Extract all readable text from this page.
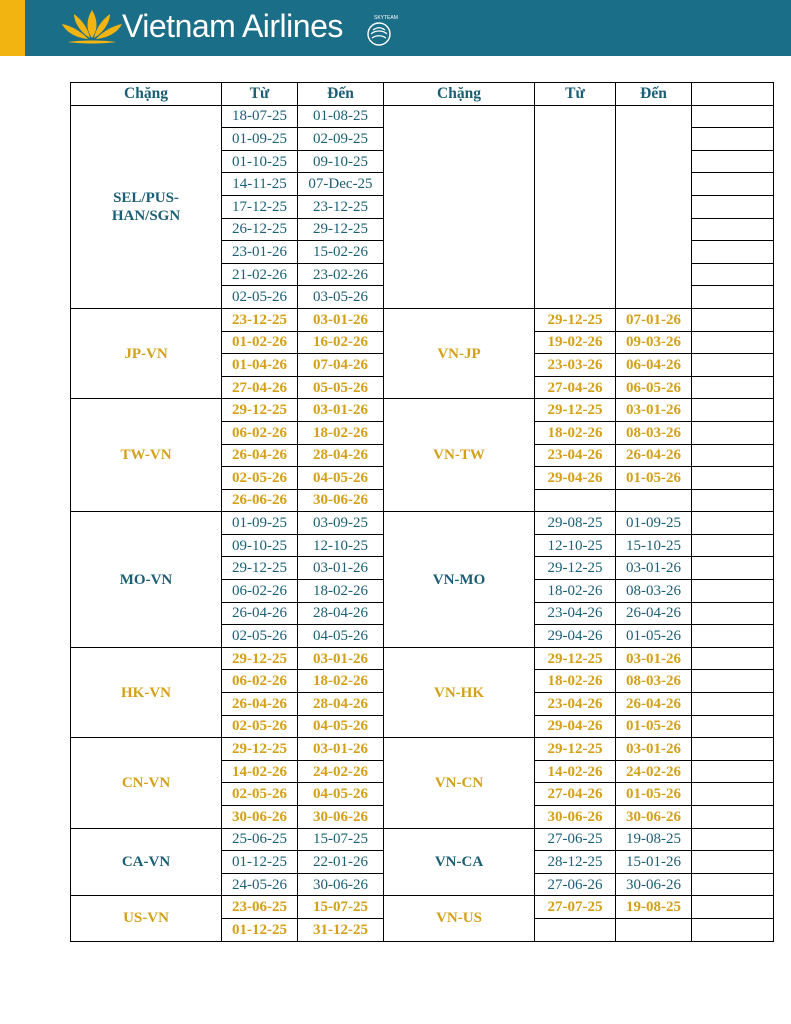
Vietnam Airlines	SKYTEAM
Chặng	Từ	Đến	Chặng	Từ	Đến	
SEL/PUS-HAN/SGN	18-07-25	01-08-25				
	01-09-25	02-09-25				
	01-10-25	09-10-25				
	14-11-25	07-Dec-25				
	17-12-25	23-12-25				
	26-12-25	29-12-25				
	23-01-26	15-02-26				
	21-02-26	23-02-26				
	02-05-26	03-05-26				
JP-VN	23-12-25	03-01-26	VN-JP	29-12-25	07-01-26	
	01-02-26	16-02-26		19-02-26	09-03-26	
	01-04-26	07-04-26		23-03-26	06-04-26	
	27-04-26	05-05-26		27-04-26	06-05-26	
TW-VN	29-12-25	03-01-26	VN-TW	29-12-25	03-01-26	
	06-02-26	18-02-26		18-02-26	08-03-26	
	26-04-26	28-04-26		23-04-26	26-04-26	
	02-05-26	04-05-26		29-04-26	01-05-26	
	26-06-26	30-06-26				
MO-VN	01-09-25	03-09-25	VN-MO	29-08-25	01-09-25	
	09-10-25	12-10-25		12-10-25	15-10-25	
	29-12-25	03-01-26		29-12-25	03-01-26	
	06-02-26	18-02-26		18-02-26	08-03-26	
	26-04-26	28-04-26		23-04-26	26-04-26	
	02-05-26	04-05-26		29-04-26	01-05-26	
HK-VN	29-12-25	03-01-26	VN-HK	29-12-25	03-01-26	
	06-02-26	18-02-26		18-02-26	08-03-26	
	26-04-26	28-04-26		23-04-26	26-04-26	
	02-05-26	04-05-26		29-04-26	01-05-26	
CN-VN	29-12-25	03-01-26	VN-CN	29-12-25	03-01-26	
	14-02-26	24-02-26		14-02-26	24-02-26	
	02-05-26	04-05-26		27-04-26	01-05-26	
	30-06-26	30-06-26		30-06-26	30-06-26	
CA-VN	25-06-25	15-07-25	VN-CA	27-06-25	19-08-25	
	01-12-25	22-01-26		28-12-25	15-01-26	
	24-05-26	30-06-26		27-06-26	30-06-26	
US-VN	23-06-25	15-07-25	VN-US	27-07-25	19-08-25	
	01-12-25	31-12-25				
